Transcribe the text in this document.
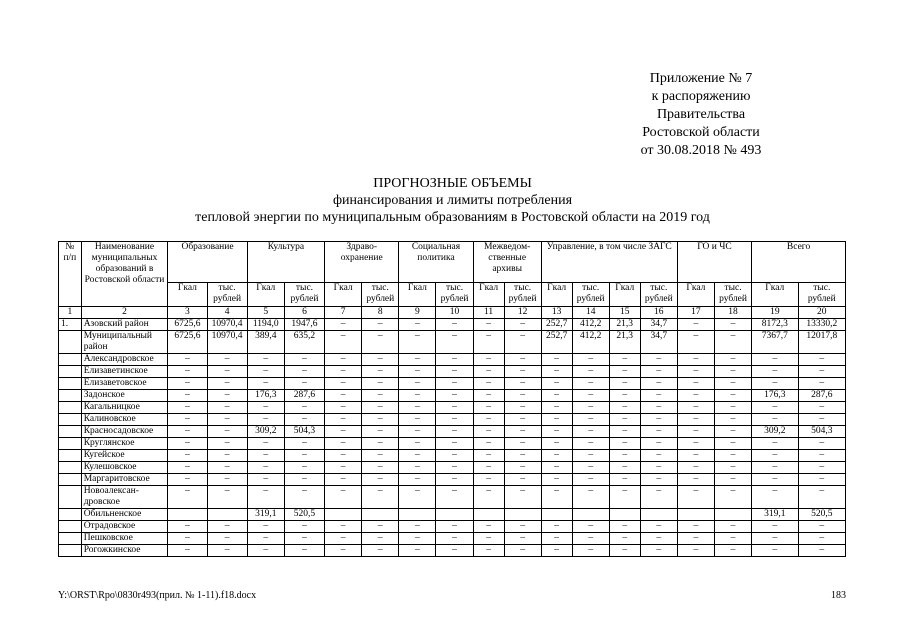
Приложение № 7
к распоряжению
Правительства
Ростовской области
от 30.08.2018 № 493
ПРОГНОЗНЫЕ ОБЪЕМЫ
финансирования и лимиты потребления
тепловой энергии по муниципальным образованиям в Ростовской области на 2019 год
№ п/п	Наименование муниципальных образований в Ростовской области	Образование		Культура		Здраво-охранение		Социальная политика		Межведом-ственные архивы		Управление, в том числе ЗАГС				ГО и ЧС		Всего	
		Гкал	тыс. рублей	Гкал	тыс. рублей	Гкал	тыс. рублей	Гкал	тыс. рублей	Гкал	тыс. рублей	Гкал	тыс. рублей	Гкал	тыс. рублей	Гкал	тыс. рублей	Гкал	тыс. рублей
1	2	3	4	5	6	7	8	9	10	11	12	13	14	15	16	17	18	19	20
1.	Азовский район	6725,6	10970,4	1194,0	1947,6	–	–	–	–	–	–	252,7	412,2	21,3	34,7	–	–	8172,3	13330,2
	Муниципальный район	6725,6	10970,4	389,4	635,2	–	–	–	–	–	–	252,7	412,2	21,3	34,7	–	–	7367,7	12017,8
	Александровское	–	–	–	–	–	–	–	–	–	–	–	–	–	–	–	–	–	–
	Елизаветинское	–	–	–	–	–	–	–	–	–	–	–	–	–	–	–	–	–	–
	Елизаветовское	–	–	–	–	–	–	–	–	–	–	–	–	–	–	–	–	–	–
	Задонское	–	–	176,3	287,6	–	–	–	–	–	–	–	–	–	–	–	–	176,3	287,6
	Кагальницкое	–	–	–	–	–	–	–	–	–	–	–	–	–	–	–	–	–	–
	Калиновское	–	–	–	–	–	–	–	–	–	–	–	–	–	–	–	–	–	–
	Красносадовское	–	–	309,2	504,3	–	–	–	–	–	–	–	–	–	–	–	–	309,2	504,3
	Круглянское	–	–	–	–	–	–	–	–	–	–	–	–	–	–	–	–	–	–
	Кугейское	–	–	–	–	–	–	–	–	–	–	–	–	–	–	–	–	–	–
	Кулешовское	–	–	–	–	–	–	–	–	–	–	–	–	–	–	–	–	–	–
	Маргаритовское	–	–	–	–	–	–	–	–	–	–	–	–	–	–	–	–	–	–
	Новоалексан-дровское	–	–	–	–	–	–	–	–	–	–	–	–	–	–	–	–	–	–
	Обильненское			319,1	520,5													319,1	520,5
	Отрадовское	–	–	–	–	–	–	–	–	–	–	–	–	–	–	–	–	–	–
	Пешковское	–	–	–	–	–	–	–	–	–	–	–	–	–	–	–	–	–	–
	Рогожкинское	–	–	–	–	–	–	–	–	–	–	–	–	–	–	–	–	–	–
Y:\ORST\Rpo\0830r493(прил. № 1-11).f18.docx	183
